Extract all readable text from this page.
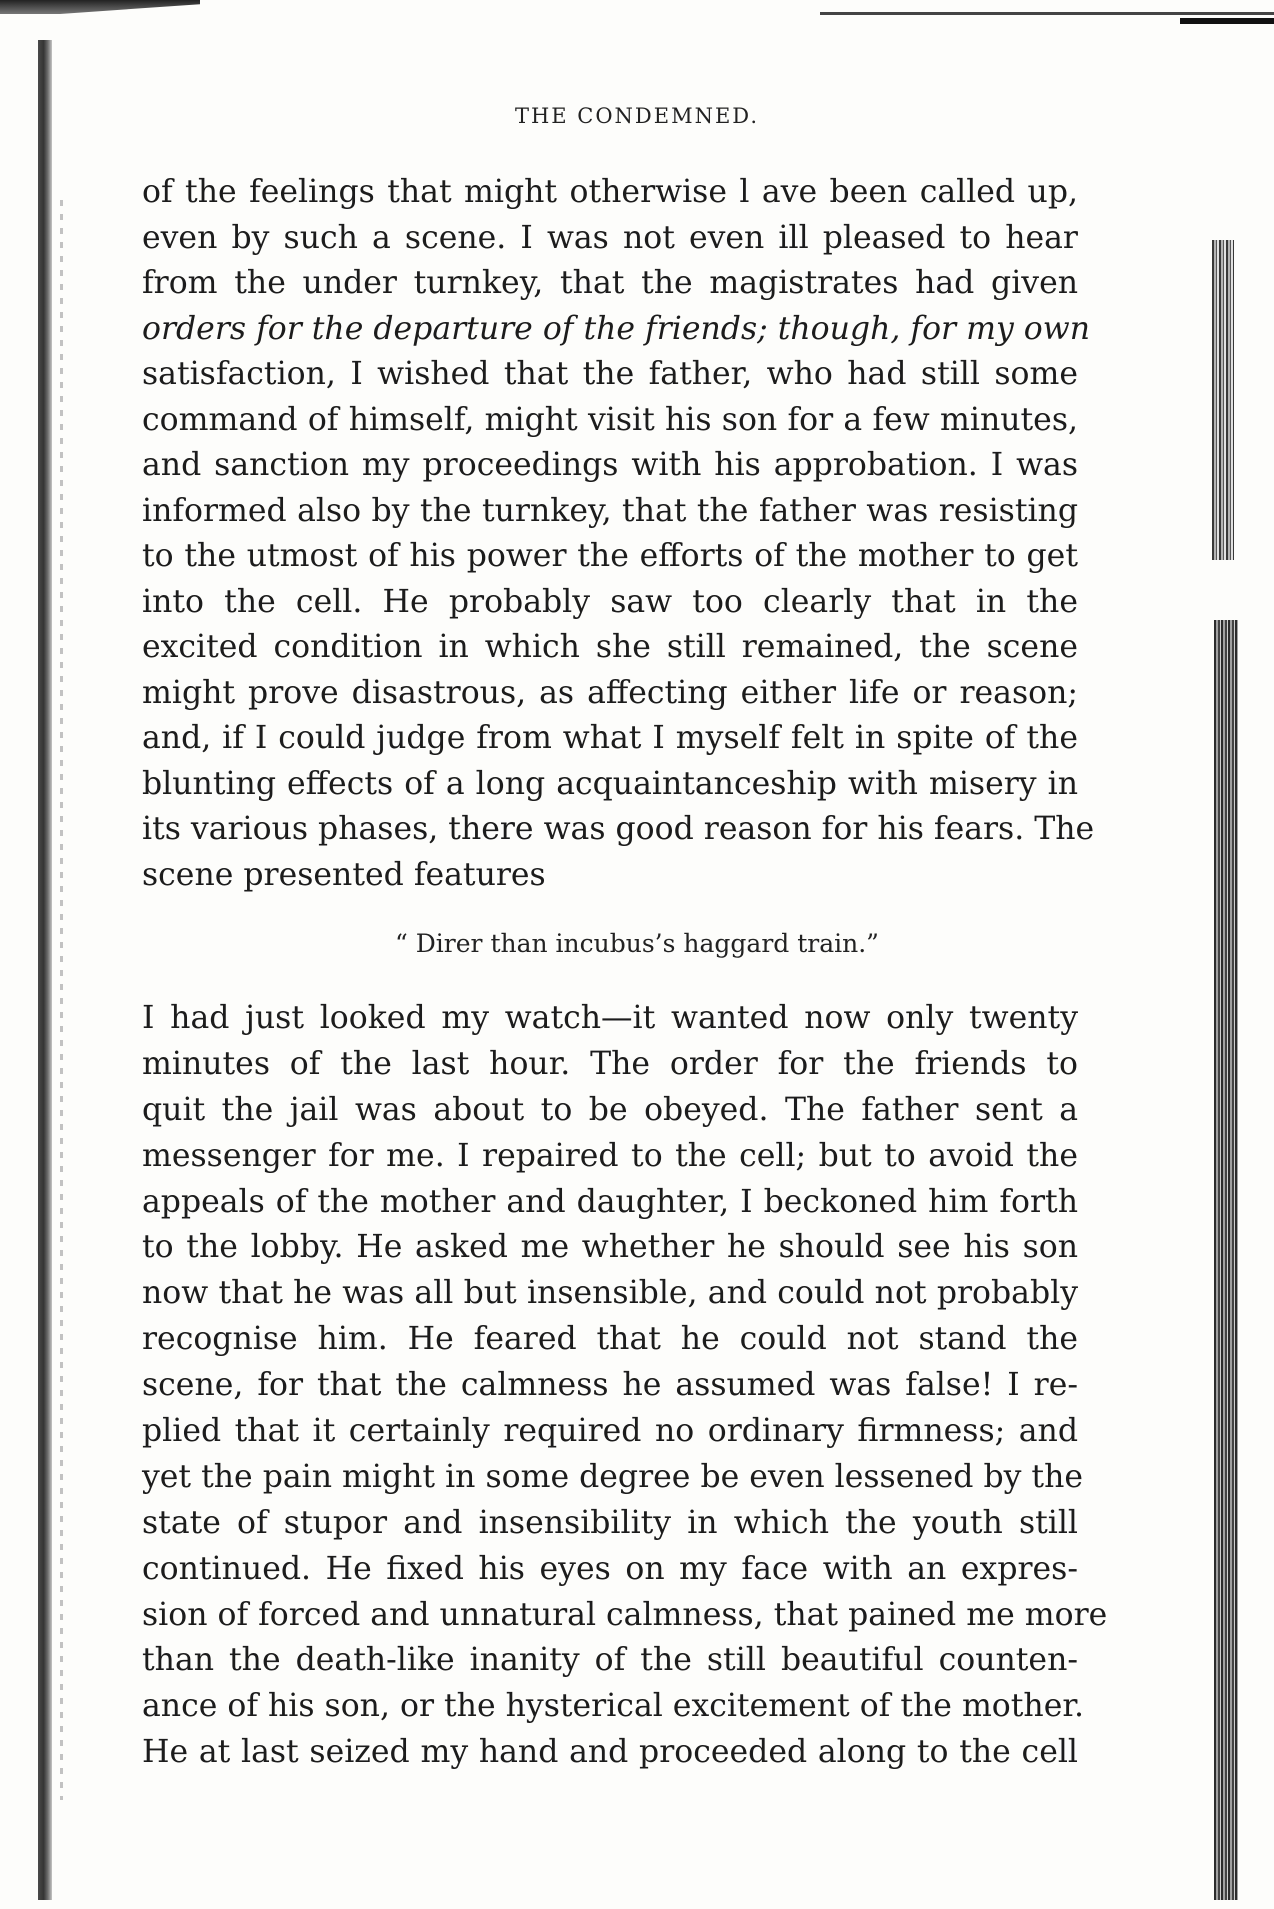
THE CONDEMNED.
of the feelings that might otherwise l ave been called up,
even by such a scene. I was not even ill pleased to hear
from the under turnkey, that the magistrates had given
orders for the departure of the friends; though, for my own
satisfaction, I wished that the father, who had still some
command of himself, might visit his son for a few minutes,
and sanction my proceedings with his approbation. I was
informed also by the turnkey, that the father was resisting
to the utmost of his power the efforts of the mother to get
into the cell. He probably saw too clearly that in the
excited condition in which she still remained, the scene
might prove disastrous, as affecting either life or reason;
and, if I could judge from what I myself felt in spite of the
blunting effects of a long acquaintanceship with misery in
its various phases, there was good reason for his fears. The
scene presented features
“ Direr than incubus’s haggard train.”
I had just looked my watch—it wanted now only twenty
minutes of the last hour. The order for the friends to
quit the jail was about to be obeyed. The father sent a
messenger for me. I repaired to the cell; but to avoid the
appeals of the mother and daughter, I beckoned him forth
to the lobby. He asked me whether he should see his son
now that he was all but insensible, and could not probably
recognise him. He feared that he could not stand the
scene, for that the calmness he assumed was false! I re-
plied that it certainly required no ordinary firmness; and
yet the pain might in some degree be even lessened by the
state of stupor and insensibility in which the youth still
continued. He fixed his eyes on my face with an expres-
sion of forced and unnatural calmness, that pained me more
than the death-like inanity of the still beautiful counten-
ance of his son, or the hysterical excitement of the mother.
He at last seized my hand and proceeded along to the cell
